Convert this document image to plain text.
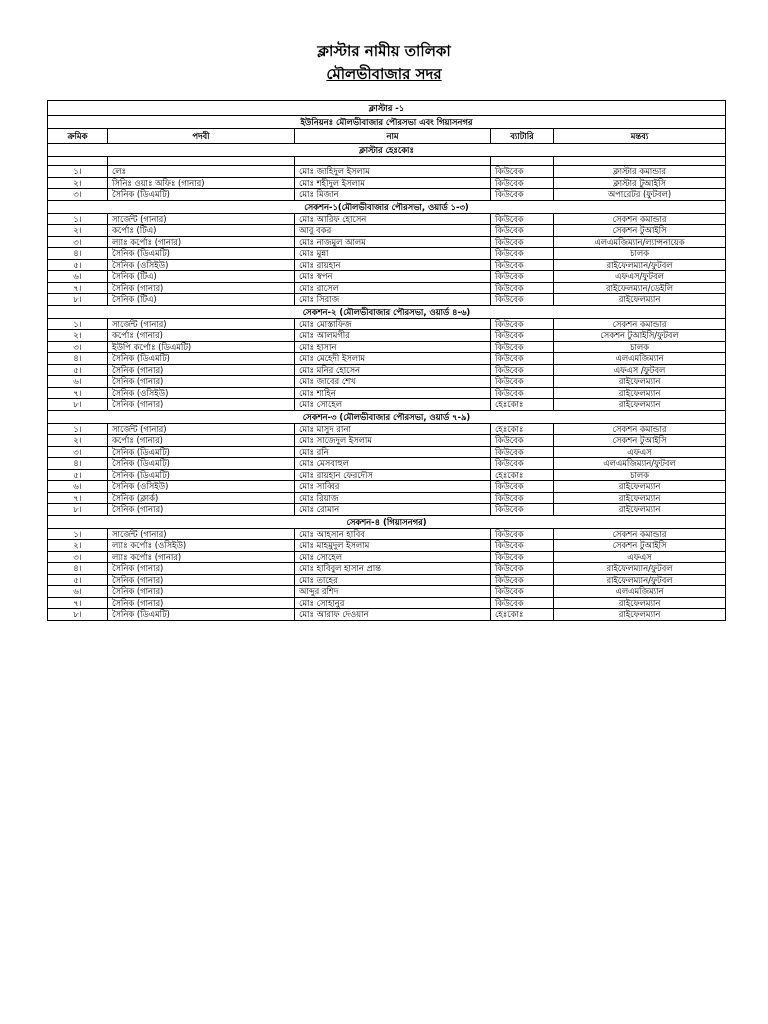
ক্লাস্টার নামীয় তালিকা
মৌলভীবাজার সদর
ক্লাস্টার -১				
ইউনিয়নঃ মৌলভীবাজার পৌরসভা এবং গিয়াসনগর				
ক্রমিক	পদবী	নাম	ব্যাটারি	মন্তব্য
ক্লাস্টার হেঃকোঃ				

১।	লেঃ	মোঃ জাহিদুল ইসলাম	কিউবেক	ক্লাস্টার কমান্ডার
২।	সিনিঃ ওয়াঃ অফিঃ (গানার)	মোঃ শহীদুল ইসলাম	কিউবেক	ক্লাস্টার টুআইসি
৩।	সৈনিক (ডিএমটি)	মোঃ মিজান	কিউবেক	অপারেটর (ফুটবল)
সেকশন-১(মৌলভীবাজার পৌরসভা, ওয়ার্ড ১-৩)				
১।	সার্জেন্ট (গানার)	মোঃ আরিফ হোসেন	কিউবেক	সেকশন কমান্ডার
২।	কর্পোঃ (টিএ)	আবু বকর	কিউবেক	সেকশন টুআইসি
৩।	ল্যাঃ কর্পোঃ (গানার)	মোঃ নাজমুল আলম	কিউবেক	এলএমজিম্যান/ল্যান্সনায়েক
৪।	সৈনিক (ডিএমটি)	মোঃ মুন্না	কিউবেক	চালক
৫।	সৈনিক (ওসিইউ)	মোঃ রায়হান	কিউবেক	রাইফেলম্যান/ফুটবল
৬।	সৈনিক (টিএ)	মোঃ স্বপন	কিউবেক	এফএস/ফুটবল
৭।	সৈনিক (গানার)	মোঃ রাসেল	কিউবেক	রাইফেলম্যান/ডেইলি
৮।	সৈনিক (টিএ)	মোঃ সিরাজ	কিউবেক	রাইফেলম্যান
সেকশন-২ (মৌলভীবাজার পৌরসভা, ওয়ার্ড ৪-৬)				
১।	সার্জেন্ট (গানার)	মোঃ মোস্তাফিজ	কিউবেক	সেকশন কমান্ডার
২।	কর্পোঃ (গানার)	মোঃ আলমগীর	কিউবেক	সেকশন টুআইসি/ফুটবল
৩।	ইউপি কর্পোঃ (ডিএমটি)	মোঃ হাসান	কিউবেক	চালক
৪।	সৈনিক (ডিএমটি)	মোঃ মেহেদী ইসলাম	কিউবেক	এলএমজিম্যান
৫।	সৈনিক (গানার)	মোঃ মনির হোসেন	কিউবেক	এফএস /ফুটবল
৬।	সৈনিক (গানার)	মোঃ জাবের শেখ	কিউবেক	রাইফেলম্যান
৭।	সৈনিক (ওসিইউ)	মোঃ শাহিন	কিউবেক	রাইফেলম্যান
৮।	সৈনিক (গানার)	মোঃ সোহেল	হেঃকোঃ	রাইফেলম্যান
সেকশন-৩ (মৌলভীবাজার পৌরসভা, ওয়ার্ড ৭-৯)				
১।	সার্জেন্ট (গানার)	মোঃ মাসুদ রানা	হেঃকোঃ	সেকশন কমান্ডার
২।	কর্পোঃ (গানার)	মোঃ সাজেদুল ইসলাম	কিউবেক	সেকশন টুআইসি
৩।	সৈনিক (ডিএমটি)	মোঃ রনি	কিউবেক	এফএস
৪।	সৈনিক (ডিএমটি)	মোঃ মেসবাহুল	কিউবেক	এলএমজিম্যান/ফুটবল
৫।	সৈনিক (ডিএমটি)	মোঃ রায়হান ফেরদৌস	হেঃকোঃ	চালক
৬।	সৈনিক (ওসিইউ)	মোঃ সাব্বির	কিউবেক	রাইফেলম্যান
৭।	সৈনিক (ক্লার্ক)	মোঃ রিয়াজ	কিউবেক	রাইফেলম্যান
৮।	সৈনিক (গানার)	মোঃ রোমান	কিউবেক	রাইফেলম্যান
সেকশন-৪ (গিয়াসনগর)				
১।	সার্জেন্ট (গানার)	মোঃ আহসান হাবিব	কিউবেক	সেকশন কমান্ডার
২।	ল্যাঃ কর্পোঃ (ওসিইউ)	মোঃ মাহমুদুল ইসলাম	কিউবেক	সেকশন টুআইসি
৩।	ল্যাঃ কর্পোঃ (গানার)	মোঃ সোহেল	কিউবেক	এফএস
৪।	সৈনিক (গানার)	মোঃ হাবিবুল হাসান প্রান্ত	কিউবেক	রাইফেলম্যান/ফুটবল
৫।	সৈনিক (গানার)	মোঃ তাহের	কিউবেক	রাইফেলম্যান/ফুটবল
৬।	সৈনিক (গানার)	আব্দুর রশিদ	কিউবেক	এলএমজিম্যান
৭।	সৈনিক (গানার)	মোঃ সোহানুর	কিউবেক	রাইফেলম্যান
৮।	সৈনিক (ডিএমটি)	মোঃ আরাফ দেওয়ান	হেঃকোঃ	রাইফেলম্যান
